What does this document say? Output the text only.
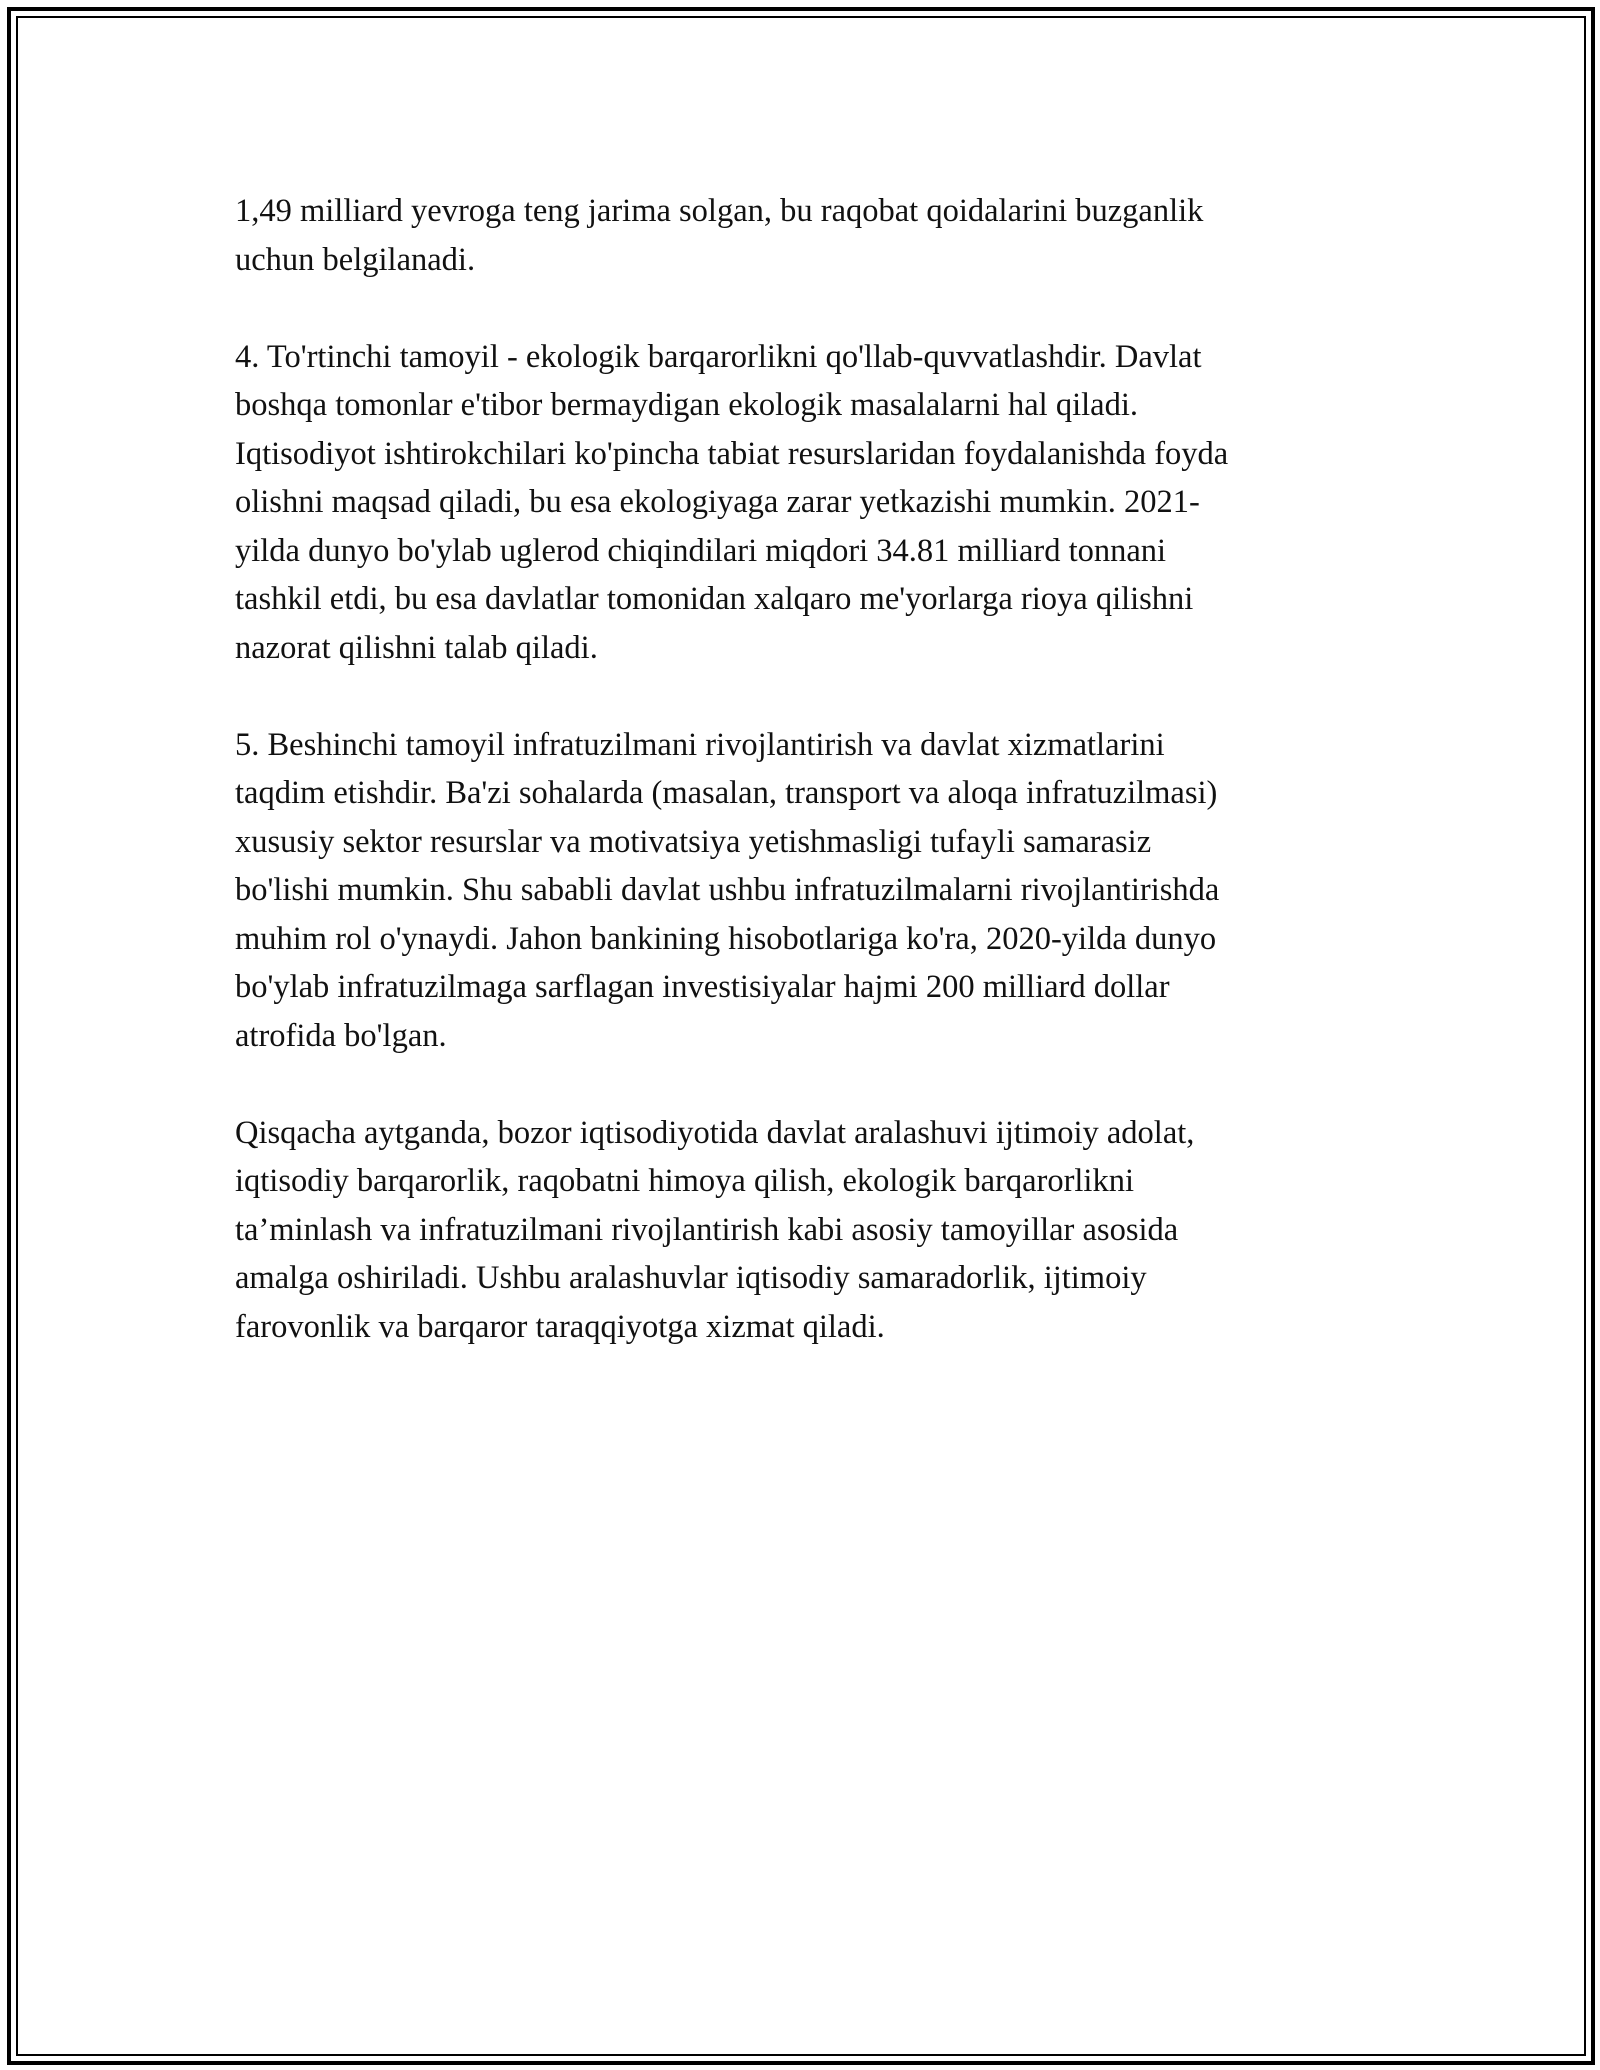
1,49 milliard yevroga teng jarima solgan, bu raqobat qoidalarini buzganlik
uchun belgilanadi.

4. To'rtinchi tamoyil - ekologik barqarorlikni qo'llab-quvvatlashdir. Davlat
boshqa tomonlar e'tibor bermaydigan ekologik masalalarni hal qiladi.
Iqtisodiyot ishtirokchilari ko'pincha tabiat resurslaridan foydalanishda foyda
olishni maqsad qiladi, bu esa ekologiyaga zarar yetkazishi mumkin. 2021-
yilda dunyo bo'ylab uglerod chiqindilari miqdori 34.81 milliard tonnani
tashkil etdi, bu esa davlatlar tomonidan xalqaro me'yorlarga rioya qilishni
nazorat qilishni talab qiladi.

5. Beshinchi tamoyil infratuzilmani rivojlantirish va davlat xizmatlarini
taqdim etishdir. Ba'zi sohalarda (masalan, transport va aloqa infratuzilmasi)
xususiy sektor resurslar va motivatsiya yetishmasligi tufayli samarasiz
bo'lishi mumkin. Shu sababli davlat ushbu infratuzilmalarni rivojlantirishda
muhim rol o'ynaydi. Jahon bankining hisobotlariga ko'ra, 2020-yilda dunyo
bo'ylab infratuzilmaga sarflagan investisiyalar hajmi 200 milliard dollar
atrofida bo'lgan.

Qisqacha aytganda, bozor iqtisodiyotida davlat aralashuvi ijtimoiy adolat,
iqtisodiy barqarorlik, raqobatni himoya qilish, ekologik barqarorlikni
ta’minlash va infratuzilmani rivojlantirish kabi asosiy tamoyillar asosida
amalga oshiriladi. Ushbu aralashuvlar iqtisodiy samaradorlik, ijtimoiy
farovonlik va barqaror taraqqiyotga xizmat qiladi.
